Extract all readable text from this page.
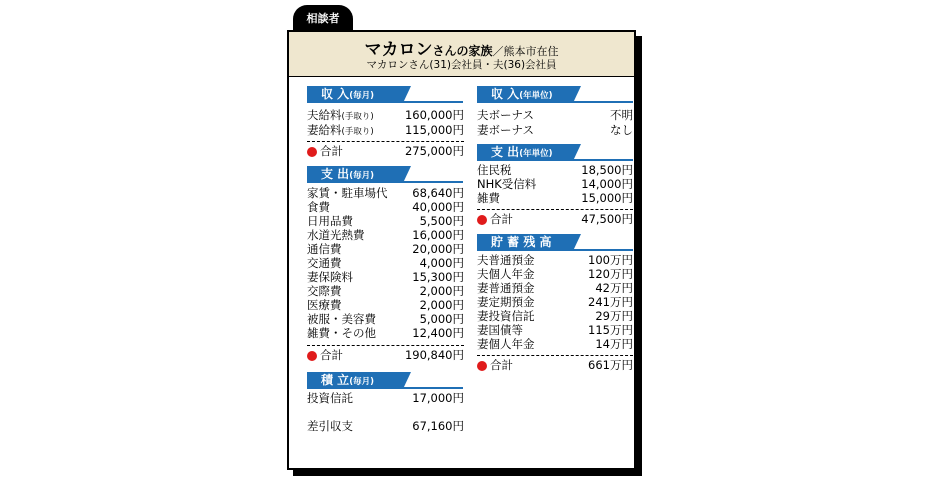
相談者
マカロンさんの家族／熊本市在住
マカロンさん(31)会社員・夫(36)会社員
収 入(毎月)
夫給料(手取り)	160,000円
妻給料(手取り)	115,000円
合計	275,000円
支 出(毎月)
家賃・駐車場代 68,640円
食費	40,000円
日用品費	5,500円
水道光熱費	16,000円
通信費	20,000円
交通費	4,000円
妻保険料	15,300円
交際費	2,000円
医療費	2,000円
被服・美容費	5,000円
雑費・その他	12,400円
合計	190,840円
積 立(毎月)
投資信託	17,000円
差引収支	67,160円
収 入(年単位)
夫ボーナス	不明
妻ボーナス	なし
支 出(年単位)
住民税	18,500円
NHK受信料	14,000円
雑費	15,000円
合計	47,500円
貯 蓄 残 高
夫普通預金	100万円
夫個人年金	120万円
妻普通預金	42万円
妻定期預金	241万円
妻投資信託	29万円
妻国債等	115万円
妻個人年金	14万円
合計	661万円
